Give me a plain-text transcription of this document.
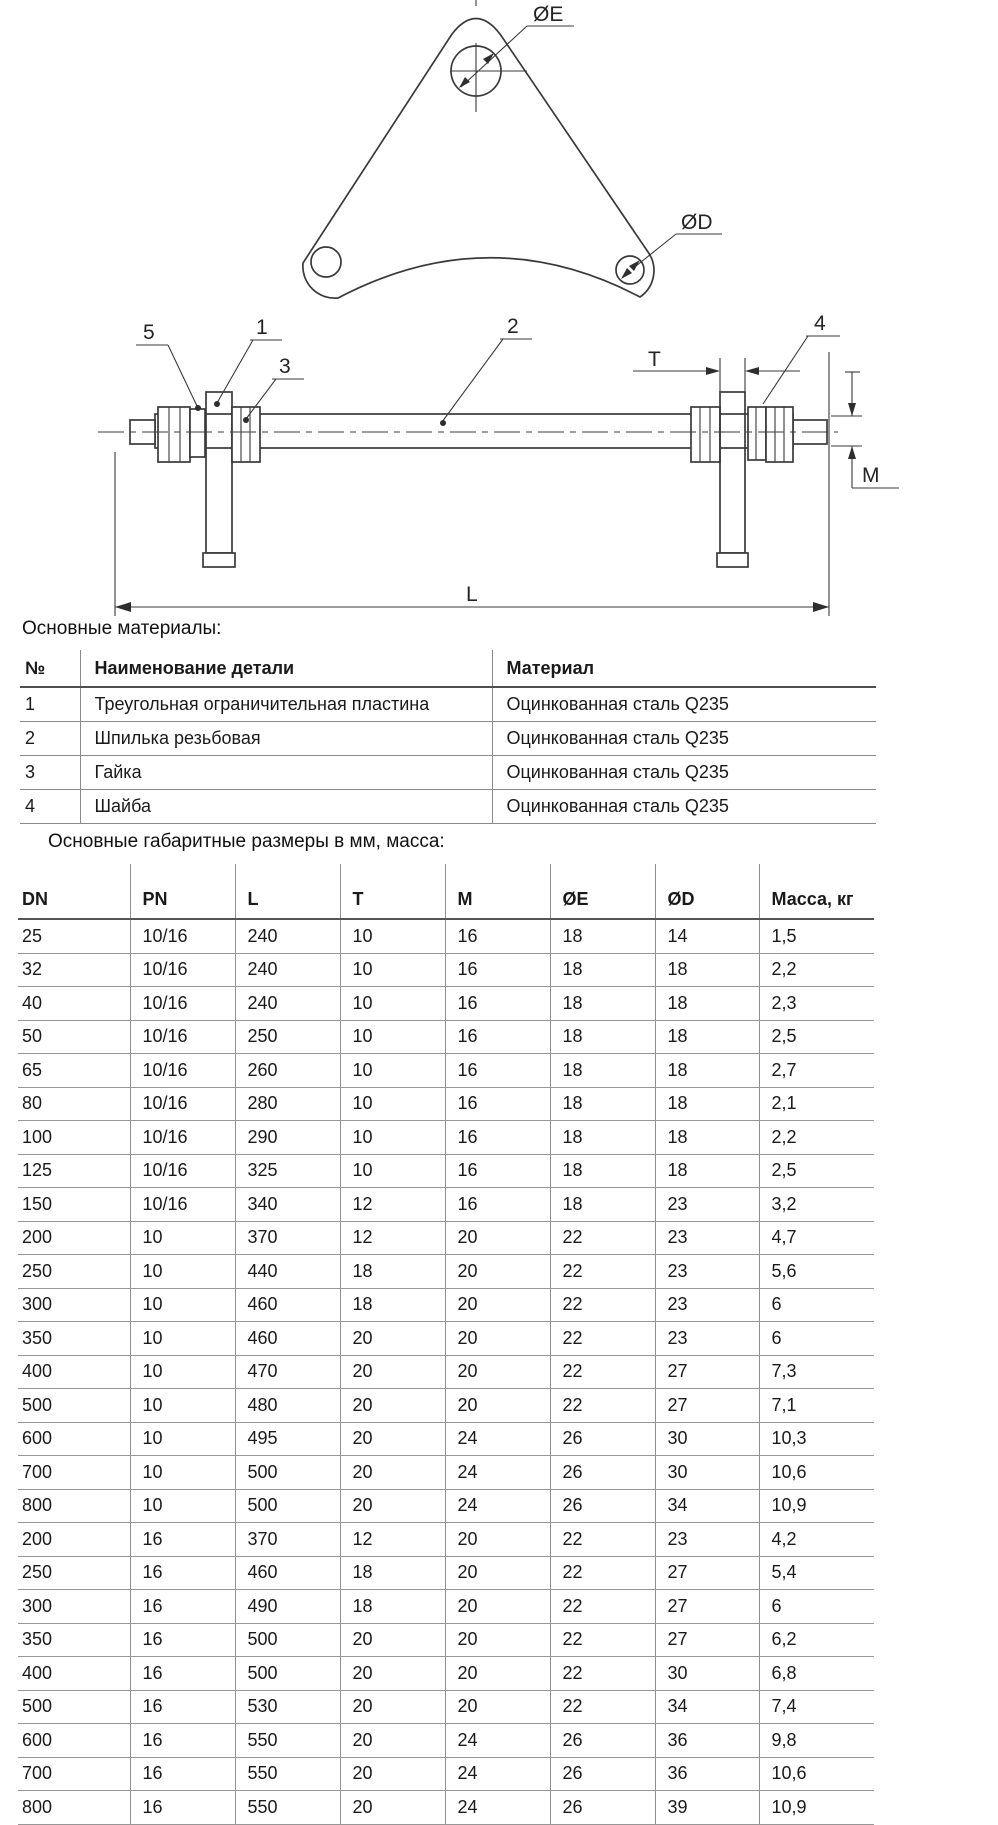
ØE
ØD
5	1
3
2	4
T
M
L
Основные материалы:
№	Наименование детали	Материал
1	Треугольная ограничительная пластина	Оцинкованная сталь Q235
2	Шпилька резьбовая	Оцинкованная сталь Q235
3	Гайка	Оцинкованная сталь Q235
4	Шайба	Оцинкованная сталь Q235
Основные габаритные размеры в мм, масса:
DN	PN	L	T	M	ØE	ØD	Масса, кг
25	10/16	240	10	16	18	14	1,5
32	10/16	240	10	16	18	18	2,2
40	10/16	240	10	16	18	18	2,3
50	10/16	250	10	16	18	18	2,5
65	10/16	260	10	16	18	18	2,7
80	10/16	280	10	16	18	18	2,1
100	10/16	290	10	16	18	18	2,2
125	10/16	325	10	16	18	18	2,5
150	10/16	340	12	16	18	23	3,2
200	10	370	12	20	22	23	4,7
250	10	440	18	20	22	23	5,6
300	10	460	18	20	22	23	6
350	10	460	20	20	22	23	6
400	10	470	20	20	22	27	7,3
500	10	480	20	20	22	27	7,1
600	10	495	20	24	26	30	10,3
700	10	500	20	24	26	30	10,6
800	10	500	20	24	26	34	10,9
200	16	370	12	20	22	23	4,2
250	16	460	18	20	22	27	5,4
300	16	490	18	20	22	27	6
350	16	500	20	20	22	27	6,2
400	16	500	20	20	22	30	6,8
500	16	530	20	20	22	34	7,4
600	16	550	20	24	26	36	9,8
700	16	550	20	24	26	36	10,6
800	16	550	20	24	26	39	10,9
